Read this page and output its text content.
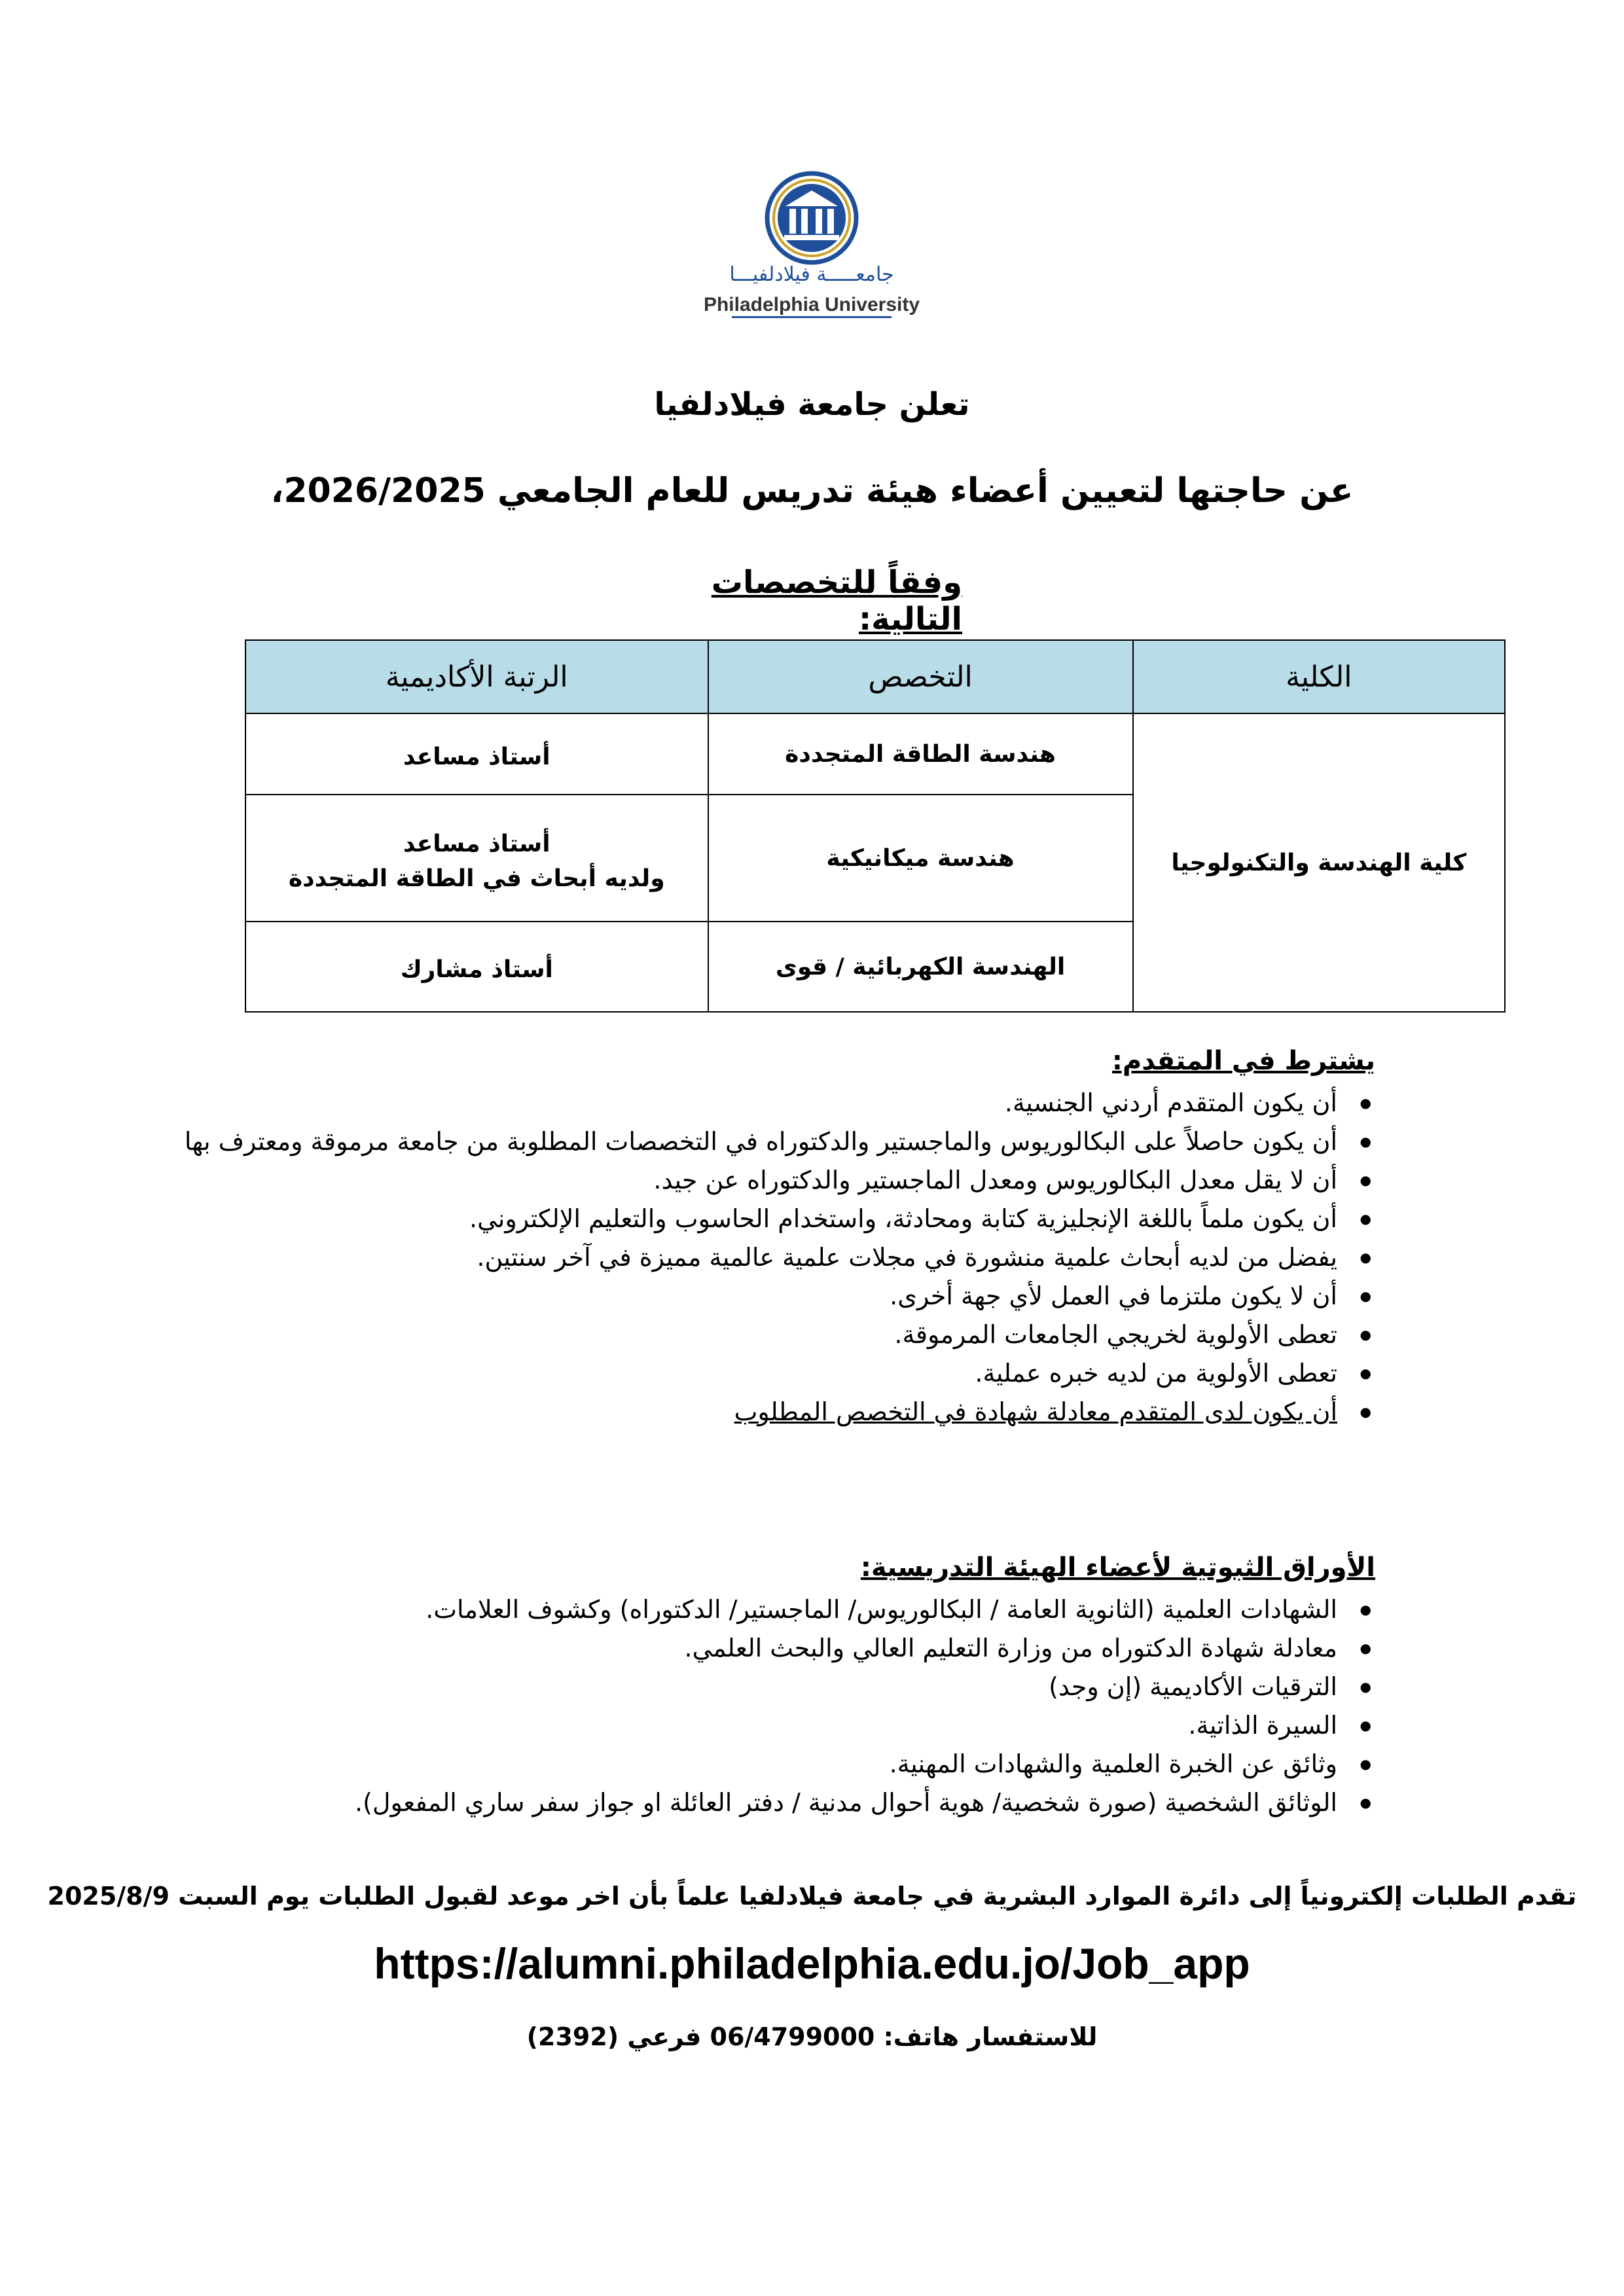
جامعـــــة فيلادلفيـــا
Philadelphia University
تعلن جامعة فيلادلفيا
عن حاجتها لتعيين أعضاء هيئة تدريس للعام الجامعي 2026/2025،
وفقاً للتخصصات التالية:
الكلية	التخصص	الرتبة الأكاديمية
كلية الهندسة والتكنولوجيا	هندسة الطاقة المتجددة	أستاذ مساعد

	هندسة ميكانيكية	أستاذ مساعد
ولديه أبحاث في الطاقة المتجددة

	الهندسة الكهربائية / قوى	أستاذ مشارك
يشترط في المتقدم:
● أن يكون المتقدم أردني الجنسية.
● أن يكون حاصلاً على البكالوريوس والماجستير والدكتوراه في التخصصات المطلوبة من جامعة مرموقة ومعترف بها
● أن لا يقل معدل البكالوريوس ومعدل الماجستير والدكتوراه عن جيد.
● أن يكون ملماً باللغة الإنجليزية كتابة ومحادثة، واستخدام الحاسوب والتعليم الإلكتروني.
● يفضل من لديه أبحاث علمية منشورة في مجلات علمية عالمية مميزة في آخر سنتين.
● أن لا يكون ملتزما في العمل لأي جهة أخرى.
● تعطى الأولوية لخريجي الجامعات المرموقة.
● تعطى الأولوية من لديه خبره عملية.
● أن يكون لدى المتقدم معادلة شهادة في التخصص المطلوب
الأوراق الثبوتية لأعضاء الهيئة التدريسية:
● الشهادات العلمية (الثانوية العامة / البكالوريوس/ الماجستير/ الدكتوراه) وكشوف العلامات.
● معادلة شهادة الدكتوراه من وزارة التعليم العالي والبحث العلمي.
● الترقيات الأكاديمية (إن وجد)
● السيرة الذاتية.
● وثائق عن الخبرة العلمية والشهادات المهنية.
● الوثائق الشخصية (صورة شخصية/ هوية أحوال مدنية / دفتر العائلة او جواز سفر ساري المفعول).
تقدم الطلبات إلكترونياً إلى دائرة الموارد البشرية في جامعة فيلادلفيا علماً بأن اخر موعد لقبول الطلبات يوم السبت 2025/8/9
https://alumni.philadelphia.edu.jo/Job_app
للاستفسار هاتف: 06/4799000 فرعي (2392)
